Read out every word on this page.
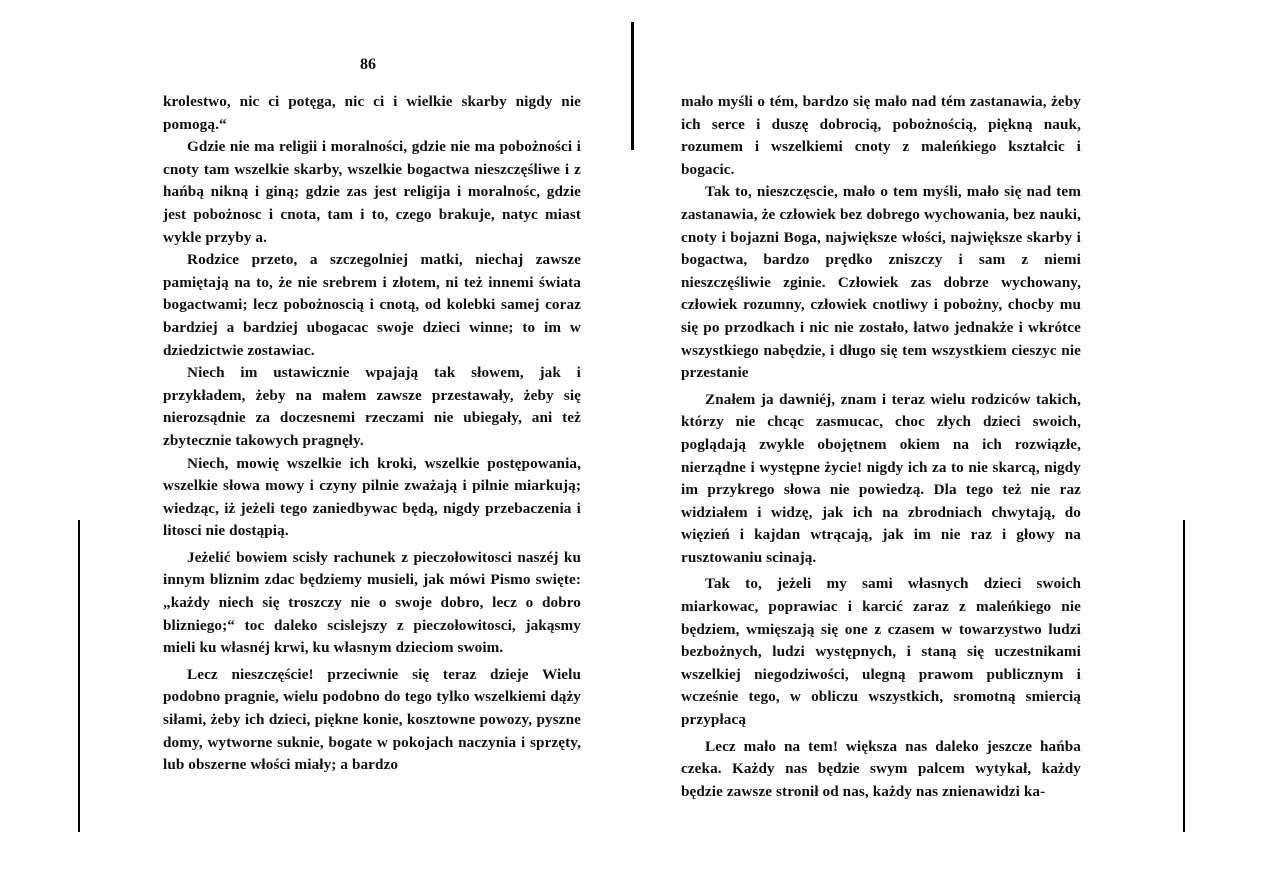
86

krolestwo, nic ci potęga, nic ci i wielkie skarby nigdy nie pomogą.“

Gdzie nie ma religii i moralności, gdzie nie ma pobożności i cnoty tam wszelkie skarby, wszelkie bogactwa nieszczęśliwe i z hańbą nikną i giną; gdzie zas jest religija i moralnośc, gdzie jest pobożnosc i cnota, tam i to, czego brakuje, natyc miast wykle przyby a.

Rodzice przeto, a szczegolniej matki, niechaj zawsze pamiętają na to, że nie srebrem i złotem, ni też innemi świata bogactwami; lecz pobożnoscią i cnotą, od kolebki samej coraz bardziej a bardziej ubogacac swoje dzieci winne; to im w dziedzictwie zostawiac.

Niech im ustawicznie wpajają tak słowem, jak i przykładem, żeby na małem zawsze przestawały, żeby się nierozsądnie za doczesnemi rzeczami nie ubiegały, ani też zbytecznie takowych pragnęły.

Niech, mowię wszelkie ich kroki, wszelkie postępowania, wszelkie słowa mowy i czyny pilnie zważają i pilnie miarkują; wiedząc, iż jeżeli tego zaniedbywac będą, nigdy przebaczenia i litosci nie dostąpią.

Jeżelić bowiem scisły rachunek z pieczołowitosci naszéj ku innym bliznim zdac będziemy musieli, jak mówi Pismo swięte: „każdy niech się troszczy nie o swoje dobro, lecz o dobro blizniego;“ toc daleko scislejszy z pieczołowitosci, jakąsmy mieli ku własnéj krwi, ku własnym dzieciom swoim.

Lecz nieszczęście! przeciwnie się teraz dzieje Wielu podobno pragnie, wielu podobno do tego tylko wszelkiemi dąży siłami, żeby ich dzieci, piękne konie, kosztowne powozy, pyszne domy, wytworne suknie, bogate w pokojach naczynia i sprzęty, lub obszerne włości miały; a bardzo

mało myśli o tém, bardzo się mało nad tém zastanawia, żeby ich serce i duszę dobrocią, pobożnością, piękną nauk, rozumem i wszelkiemi cnoty z maleńkiego kształcic i bogacic.

Tak to, nieszczęscie, mało o tem myśli, mało się nad tem zastanawia, że człowiek bez dobrego wychowania, bez nauki, cnoty i bojazni Boga, największe włości, największe skarby i bogactwa, bardzo prędko zniszczy i sam z niemi nieszczęśliwie zginie. Człowiek zas dobrze wychowany, człowiek rozumny, człowiek cnotliwy i pobożny, chocby mu się po przodkach i nic nie zostało, łatwo jednakże i wkrótce wszystkiego nabędzie, i długo się tem wszystkiem cieszyc nie przestanie

Znałem ja dawniéj, znam i teraz wielu rodziców takich, którzy nie chcąc zasmucac, choc złych dzieci swoich, poglądają zwykle obojętnem okiem na ich rozwiązłe, nierządne i występne życie! nigdy ich za to nie skarcą, nigdy im przykrego słowa nie powiedzą. Dla tego też nie raz widziałem i widzę, jak ich na zbrodniach chwytają, do więzień i kajdan wtrącają, jak im nie raz i głowy na rusztowaniu scinają.

Tak to, jeżeli my sami własnych dzieci swoich miarkowac, poprawiac i karcić zaraz z maleńkiego nie będziem, wmięszają się one z czasem w towarzystwo ludzi bezbożnych, ludzi występnych, i staną się uczestnikami wszelkiej niegodziwości, ulegną prawom publicznym i wcześnie tego, w obliczu wszystkich, sromotną smiercią przypłacą

Lecz mało na tem! większa nas daleko jeszcze hańba czeka. Każdy nas będzie swym palcem wytykał, każdy będzie zawsze stronił od nas, każdy nas znienawidzi ka-
